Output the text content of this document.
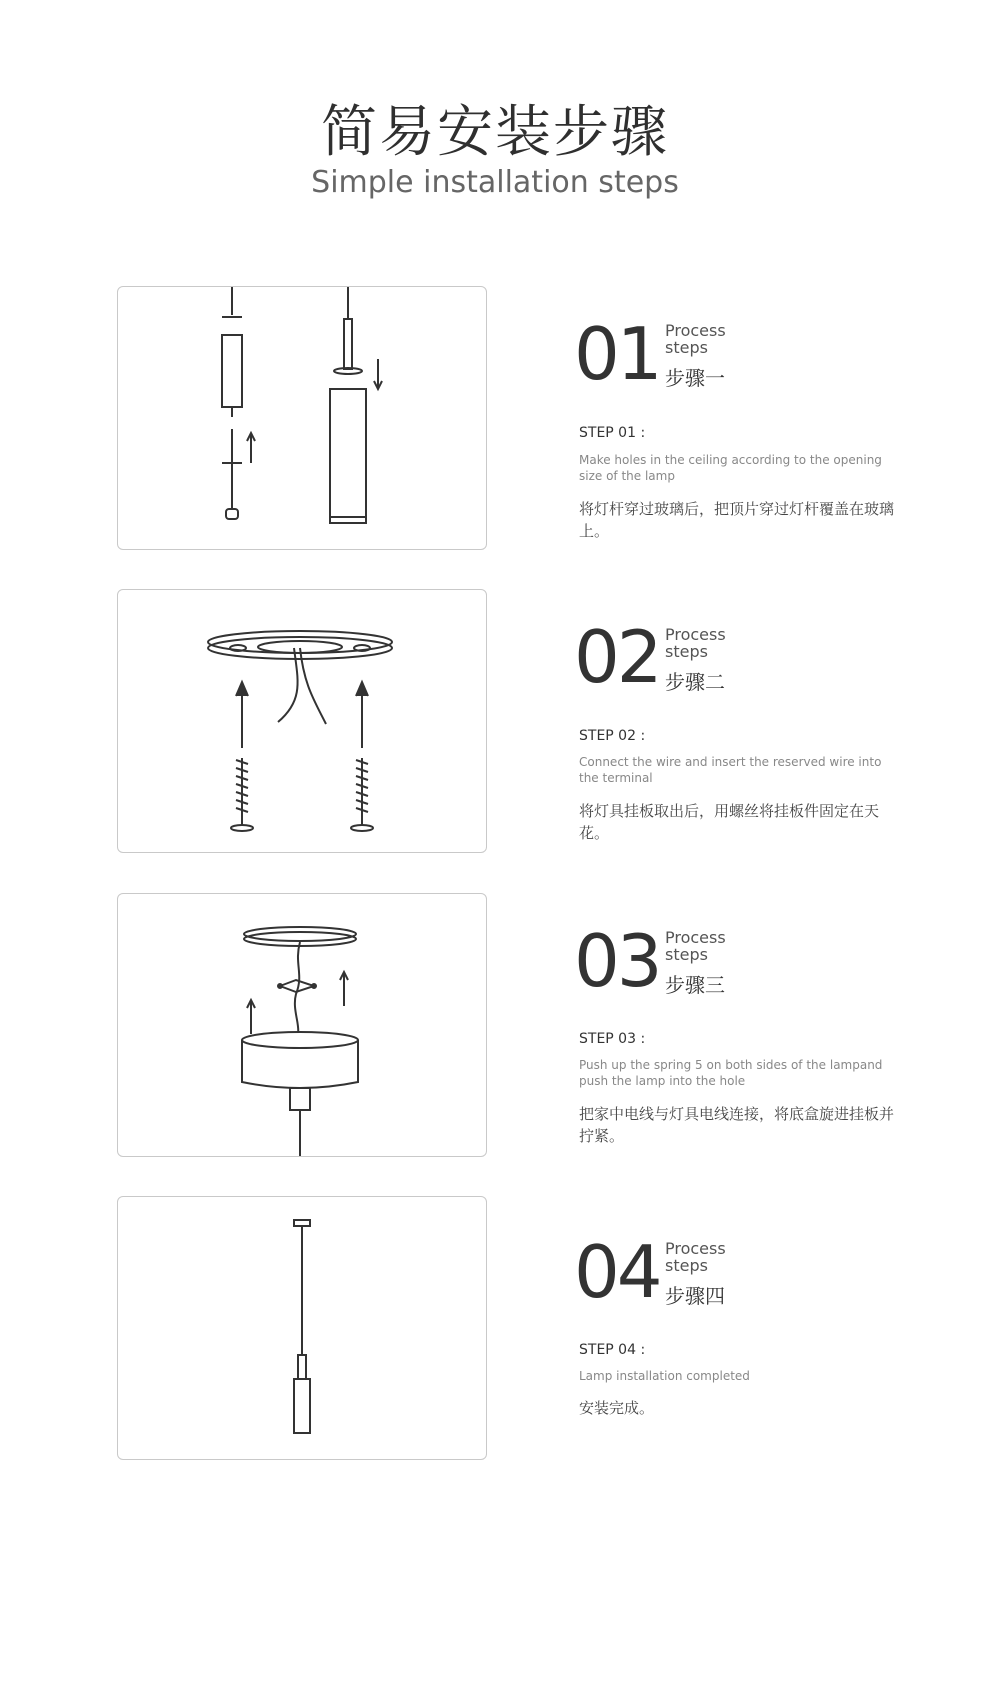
简易安装步骤
Simple installation steps
01 Process
steps
步骤一
STEP 01 :
Make holes in the ceiling according to the opening size of the lamp
将灯杆穿过玻璃后，把顶片穿过灯杆覆盖在玻璃上。
02 Process
steps
步骤二
STEP 02 :
Connect the wire and insert the reserved wire into the terminal
将灯具挂板取出后，用螺丝将挂板件固定在天花。
03 Process
steps
步骤三
STEP 03 :
Push up the spring 5 on both sides of the lampand push the lamp into the hole
把家中电线与灯具电线连接，将底盒旋进挂板并拧紧。
04 Process
steps
步骤四
STEP 04 :
Lamp installation completed
安装完成。
